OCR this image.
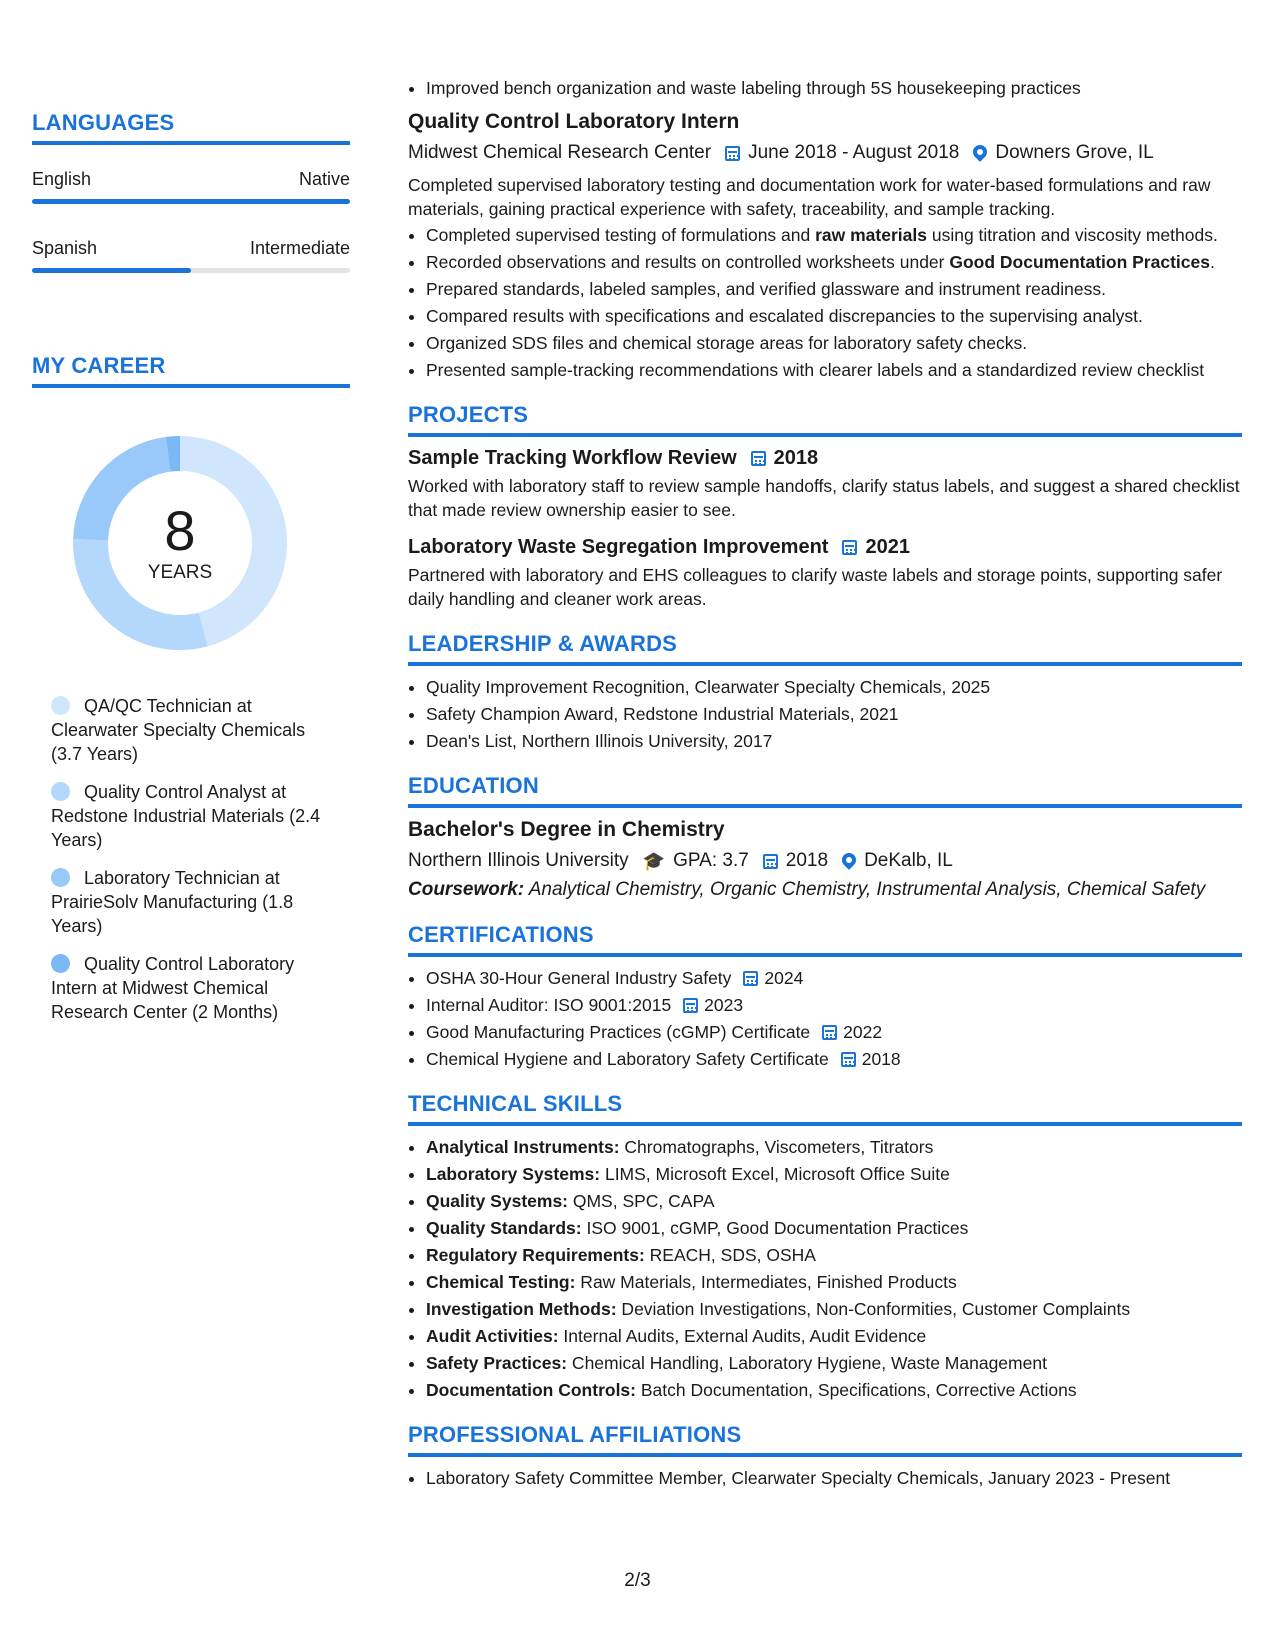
LANGUAGES
English	Native
Spanish	Intermediate
MY CAREER
8
YEARS
QA/QC Technician at Clearwater Specialty Chemicals (3.7 Years)
Quality Control Analyst at Redstone Industrial Materials (2.4 Years)
Laboratory Technician at PrairieSolv Manufacturing (1.8 Years)
Quality Control Laboratory Intern at Midwest Chemical Research Center (2 Months)
• Improved bench organization and waste labeling through 5S housekeeping practices
Quality Control Laboratory Intern
Midwest Chemical Research Center June 2018 - August 2018 Downers Grove, IL
Completed supervised laboratory testing and documentation work for water-based formulations and raw materials, gaining practical experience with safety, traceability, and sample tracking.
• Completed supervised testing of formulations and raw materials using titration and viscosity methods.
• Recorded observations and results on controlled worksheets under Good Documentation Practices.
• Prepared standards, labeled samples, and verified glassware and instrument readiness.
• Compared results with specifications and escalated discrepancies to the supervising analyst.
• Organized SDS files and chemical storage areas for laboratory safety checks.
• Presented sample-tracking recommendations with clearer labels and a standardized review checklist
PROJECTS
Sample Tracking Workflow Review 2018
Worked with laboratory staff to review sample handoffs, clarify status labels, and suggest a shared checklist that made review ownership easier to see.
Laboratory Waste Segregation Improvement 2021
Partnered with laboratory and EHS colleagues to clarify waste labels and storage points, supporting safer daily handling and cleaner work areas.
LEADERSHIP & AWARDS
• Quality Improvement Recognition, Clearwater Specialty Chemicals, 2025
• Safety Champion Award, Redstone Industrial Materials, 2021
• Dean's List, Northern Illinois University, 2017
EDUCATION
Bachelor's Degree in Chemistry
Northern Illinois University 🎓 GPA: 3.7 2018 DeKalb, IL
Coursework: Analytical Chemistry, Organic Chemistry, Instrumental Analysis, Chemical Safety
CERTIFICATIONS
• OSHA 30-Hour General Industry Safety 2024
• Internal Auditor: ISO 9001:2015 2023
• Good Manufacturing Practices (cGMP) Certificate 2022
• Chemical Hygiene and Laboratory Safety Certificate 2018
TECHNICAL SKILLS
• Analytical Instruments: Chromatographs, Viscometers, Titrators
• Laboratory Systems: LIMS, Microsoft Excel, Microsoft Office Suite
• Quality Systems: QMS, SPC, CAPA
• Quality Standards: ISO 9001, cGMP, Good Documentation Practices
• Regulatory Requirements: REACH, SDS, OSHA
• Chemical Testing: Raw Materials, Intermediates, Finished Products
• Investigation Methods: Deviation Investigations, Non-Conformities, Customer Complaints
• Audit Activities: Internal Audits, External Audits, Audit Evidence
• Safety Practices: Chemical Handling, Laboratory Hygiene, Waste Management
• Documentation Controls: Batch Documentation, Specifications, Corrective Actions
PROFESSIONAL AFFILIATIONS
• Laboratory Safety Committee Member, Clearwater Specialty Chemicals, January 2023 - Present
2/3
